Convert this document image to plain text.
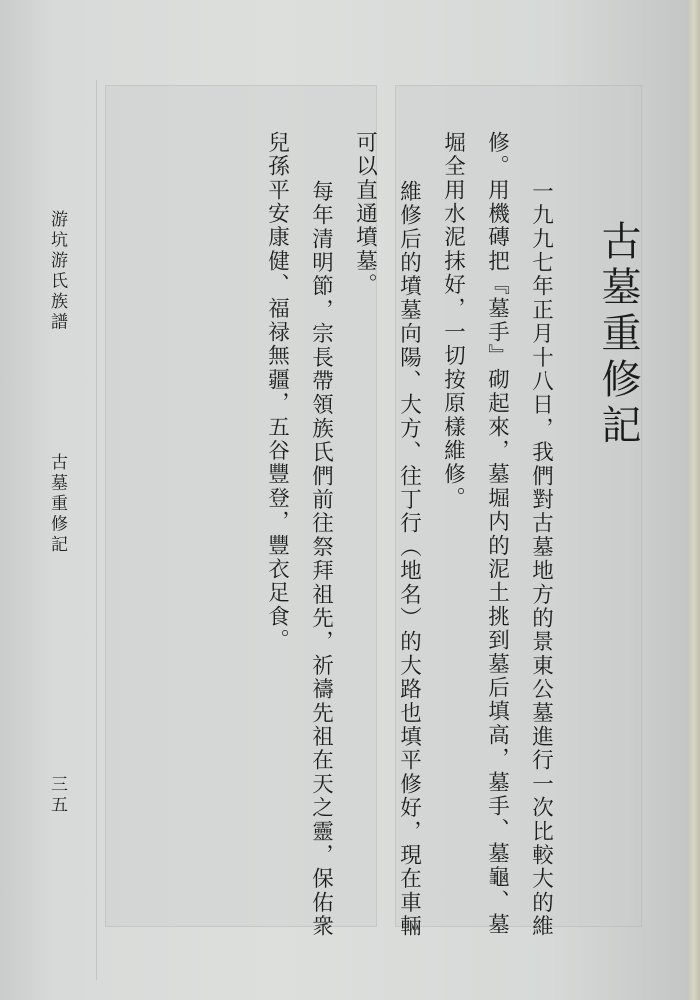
游坑游氏族譜
古墓重修記
三五
古墓重修記
一九九七年正月十八日，我們對古墓地方的景東公墓進行一次比較大的維
修。用機磚把『墓手』砌起來，墓堀内的泥土挑到墓后填高，墓手、墓龜、墓
堀全用水泥抹好，一切按原樣維修。
維修后的墳墓向陽、大方、往丁行（地名）的大路也填平修好，現在車輛
可以直通墳墓。
每年清明節，宗長帶領族氏們前往祭拜祖先，祈禱先祖在天之靈，保佑衆
兒孫平安康健、福禄無疆，五谷豐登，豐衣足食。
